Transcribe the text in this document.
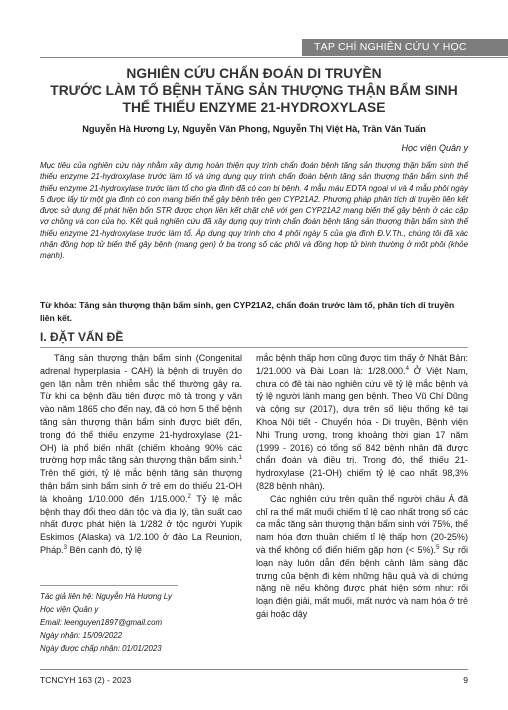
TẠP CHÍ NGHIÊN CỨU Y HỌC
NGHIÊN CỨU CHẨN ĐOÁN DI TRUYỀN
TRƯỚC LÀM TỔ BỆNH TĂNG SẢN THƯỢNG THẬN BẨM SINH
THỂ THIẾU ENZYME 21-HYDROXYLASE
Nguyễn Hà Hương Ly, Nguyễn Văn Phong, Nguyễn Thị Việt Hà, Trần Văn Tuấn
Học viện Quân y
Mục tiêu của nghiên cứu này nhằm xây dựng hoàn thiện quy trình chẩn đoán bệnh tăng sản thượng thận bẩm sinh thể thiếu enzyme 21-hydroxylase trước làm tổ và ứng dụng quy trình chẩn đoán bệnh tăng sản thượng thận bẩm sinh thể thiếu enzyme 21-hydroxylase trước làm tổ cho gia đình đã có con bị bệnh. 4 mẫu máu EDTA ngoại vi và 4 mẫu phôi ngày 5 được lấy từ một gia đình có con mang biến thể gây bệnh trên gen CYP21A2. Phương pháp phân tích di truyền liên kết được sử dụng để phát hiện bốn STR được chọn liên kết chặt chẽ với gen CYP21A2 mang biến thể gây bệnh ở các cặp vợ chồng và con của họ. Kết quả nghiên cứu đã xây dựng quy trình chẩn đoán bệnh tăng sản thượng thận bẩm sinh thể thiếu enzyme 21-hydroxylase trước làm tổ. Áp dụng quy trình cho 4 phôi ngày 5 của gia đình Đ.V.Th., chúng tôi đã xác nhận đồng hợp tử biến thể gây bệnh (mang gen) ở ba trong số các phôi và đồng hợp tử bình thường ở một phôi (khỏe mạnh).
Từ khóa: Tăng sản thượng thận bẩm sinh, gen CYP21A2, chẩn đoán trước làm tổ, phân tích di truyền liên kết.
I. ĐẶT VẤN ĐỀ

Tăng sản thượng thận bẩm sinh (Congenital adrenal hyperplasia - CAH) là bệnh di truyền do gen lặn nằm trên nhiễm sắc thể thường gây ra. Từ khi ca bệnh đầu tiên được mô tả trong y văn vào năm 1865 cho đến nay, đã có hơn 5 thể bệnh tăng sản thượng thận bẩm sinh được biết đến, trong đó thể thiếu enzyme 21-hydroxylase (21-OH) là phổ biến nhất (chiếm khoảng 90% các trường hợp mắc tăng sản thượng thận bẩm sinh.$^1$ Trên thế giới, tỷ lệ mắc bệnh tăng sản thượng thận bẩm sinh bẩm sinh ở trẻ em do thiếu 21-OH là khoảng 1/10.000 đến 1/15.000.$^2$ Tỷ lệ mắc bệnh thay đổi theo dân tộc và địa lý, tần suất cao nhất được phát hiện là 1/282 ở tộc người Yupik Eskimos (Alaska) và 1/2.100 ở đảo La Reunion, Pháp.$^3$ Bên cạnh đó, tỷ lệ

Tác giả liên hệ: Nguyễn Hà Hương Ly
Học viện Quân y
Email: leenguyen1897@gmail.com
Ngày nhận: 15/09/2022
Ngày được chấp nhận: 01/01/2023

mắc bệnh thấp hơn cũng được tìm thấy ở Nhật Bản: 1/21.000 và Đài Loan là: 1/28.000.$^4$ Ở Việt Nam, chưa có đề tài nào nghiên cứu về tỷ lệ mắc bệnh và tỷ lệ người lành mang gen bệnh. Theo Vũ Chí Dũng và cộng sự (2017), dựa trên số liệu thống kê tại Khoa Nội tiết - Chuyển hóa - Di truyền, Bệnh viện Nhi Trung ương, trong khoảng thời gian 17 năm (1999 - 2016) có tổng số 842 bệnh nhân đã được chẩn đoán và điều trị. Trong đó, thể thiếu 21-hydroxylase (21-OH) chiếm tỷ lệ cao nhất 98,3% (828 bệnh nhân).

Các nghiên cứu trên quần thể người châu Á đã chỉ ra thể mất muối chiếm tỉ lệ cao nhất trong số các ca mắc tăng sản thượng thận bẩm sinh với 75%, thể nam hóa đơn thuần chiếm tỉ lệ thấp hơn (20-25%) và thể không cổ điển hiếm gặp hơn (< 5%).$^5$ Sự rối loạn này luôn dẫn đến bệnh cảnh lâm sàng đặc trưng của bệnh đi kèm những hậu quả và di chứng nặng nề nếu không được phát hiện sớm như: rối loạn điện giải, mất muối, mất nước và nam hóa ở trẻ gái hoặc dậy

TCNCYH 163 (2) - 2023	9
